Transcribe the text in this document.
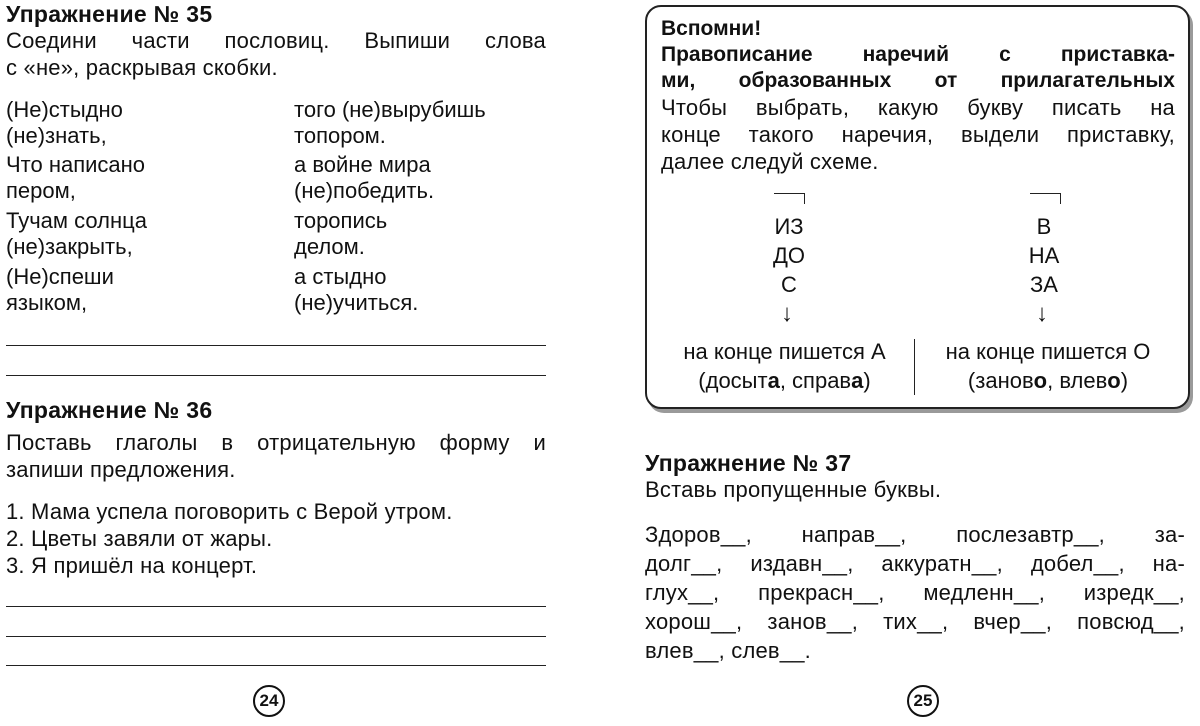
Упражнение № 35
Соедини части пословиц. Выпиши слова
с «не», раскрывая скобки.
(Не)стыдно
(не)знать,
Что написано
пером,
Тучам солнца
(не)закрыть,
(Не)спеши
языком,
того (не)вырубишь
топором.
а войне мира
(не)победить.
торопись
делом.
а стыдно
(не)учиться.
Упражнение № 36
Поставь глаголы в отрицательную форму и
запиши предложения.
1. Мама успела поговорить с Верой утром.
2. Цветы завяли от жары.
3. Я пришёл на концерт.
24
Вспомни!
Правописание наречий с приставка-
ми, образованных от прилагательных
Чтобы выбрать, какую букву писать на
конце такого наречия, выдели приставку,
далее следуй схеме.
ИЗ
ДО
С
В
НА
ЗА
↓	↓
на конце пишется А
(досыта, справа)
на конце пишется О
(заново, влево)
Упражнение № 37
Вставь пропущенные буквы.
Здоров__, направ__, послезавтр__, за-
долг__, издавн__, аккуратн__, добел__, на-
глух__, прекрасн__, медленн__, изредк__,
хорош__, занов__, тих__, вчер__, повсюд__,
влев__, слев__.
25
